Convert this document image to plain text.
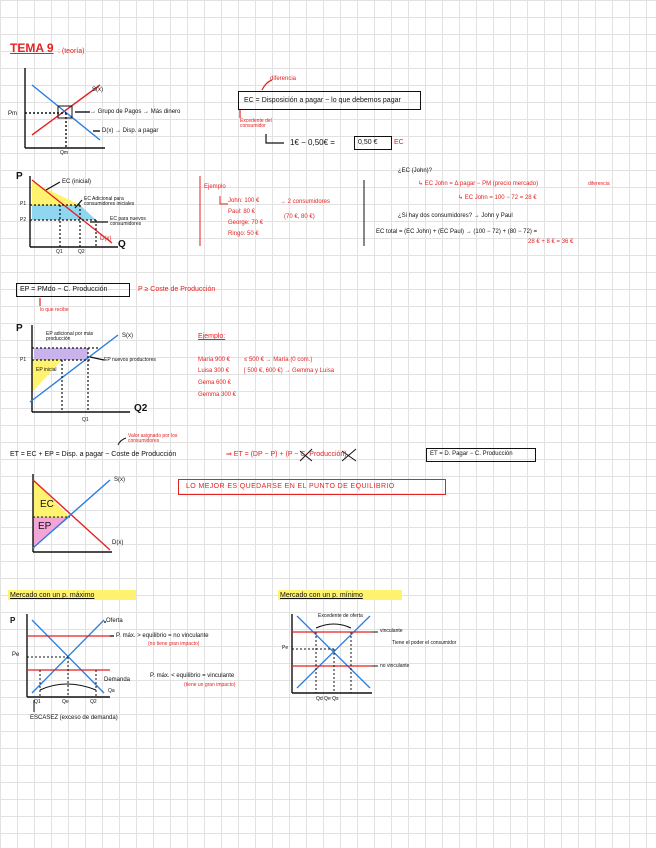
TEMA 9 : (teoría)
S(x)
Pm	→ Grupo de Pagos → Más dinero
D(x) → Disp. a pagar
Qm
diferencia
EC = Disposición a pagar − lo que debemos pagar
Excedente del consumidor
1€ − 0,50€ =	0,50 € EC
P
Q
EC (inicial)
EC Adicional para consumidores iniciales
EC para nuevos consumidores
P1
P2
Q1	Q2
D(x)
Ejemplo
John: 100 €
Paul: 80 €
George: 70 €
Ringo: 50 €
→ 2 consumidores
(70 €, 80 €)
¿EC (John)?
↳ EC John = Δ pagar − PM (precio mercado)	diferencia
↳ EC John = 100 − 72 = 28 €
¿Si hay dos consumidores? → John y Paul
EC total = (EC John) + (EC Paul) → (100 − 72) + (80 − 72) =
28 € + 8 € = 36 €
EP = PMdo − C. Producción	P ≥ Coste de Producción
lo que recibe
P
S(x)
EP adicional por más producción
EP inicial
EP nuevos productores
P1
Q1
Q2
Ejemplo:
María 900 €
Luisa 300 €
Gema 600 €
Gemma 300 €
≤ 500 € → María (0 com.)
[ 500 €, 600 €) → Gemma y Luisa
Valor asignado por los consumidores
ET = EC + EP = Disp. a pagar − Coste de Producción	⇒ ET = (DP − P) + (P − C. Producción)	ET = D. Pagar − C. Producción
S(x)
EC
EP
D(x)
LO MEJOR ES QUEDARSE EN EL PUNTO DE EQUILIBRIO
Mercado con un p. máximo
P
Pe
Oferta
P. máx. > equilibrio = no vinculante
(no tiene gran impacto)
Demanda
P. máx. < equilibrio = vinculante
(tiene un gran impacto)
Q1	Qe	Q2
Qa
ESCASEZ (exceso de demanda)
Mercado con un p. mínimo
Excedente de oferta
vinculante
Tiene el poder el consumidor
no vinculante
Pe
Qd Qe Qs
